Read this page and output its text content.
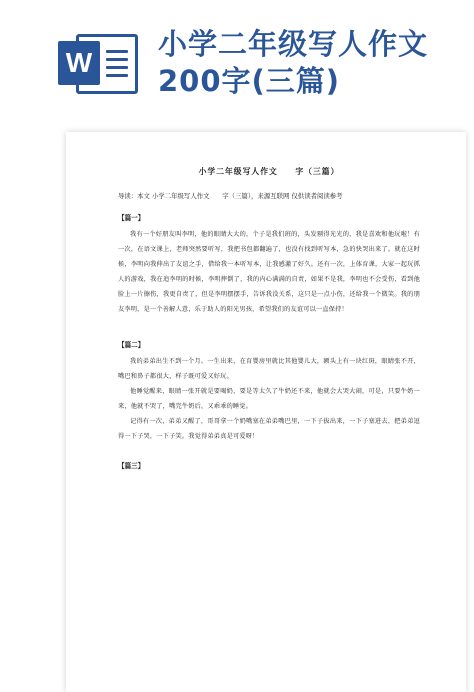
W
小学二年级写人作文200字(三篇)
小学二年级写人作文　　字（三篇）
导读：本文 小学二年级写人作文　　字（三篇），来源互联网 仅供读者阅读参考
【篇一】

我有一个好朋友叫李明，他的眼睛大大的，个子是我们班的，头发剔得光光的，我是喜欢和他玩啦！有一次，在语文课上，老师突然要听写，我把书包都翻遍了，也没有找到听写本，急的快哭出来了。就在这时候，李明向我伸出了友谊之手，借给我一本听写本，让我感激了好久。还有一次，上体育课，大家一起玩抓人的游戏，我在追李明的时候，李明摔倒了，我的内心满满的自责，如果不是我，李明也不会受伤，看到他脸上一片擦伤，我更自责了，但是李明摆摆手，告诉我没关系，这只是一点小伤，还给我一个微笑。我的朋友李明，是一个善解人意，乐于助人的阳光男孩，希望我们的友谊可以一直保持！

【篇二】

我的弟弟出生不到一个月。一生出来，在育婴房里就比其他婴儿大，额头上有一块红斑，眼睛张不开，嘴巴和鼻子都很大，样子既可爱又好玩。

他睡觉醒来，眼睛一张开就是要喝奶，要是等太久了牛奶还不来，他就会大哭大闹，可是，只要牛奶一来，他就不哭了，嘴完牛奶后，又乖乖的睡觉。

记得有一次，弟弟又醒了，哥哥拿一个奶嘴塞在弟弟嘴巴里，一下子拔出来，一下子塞进去，把弟弟逗得一下子哭，一下子笑。我觉得弟弟真是可爱呀！

【篇三】
